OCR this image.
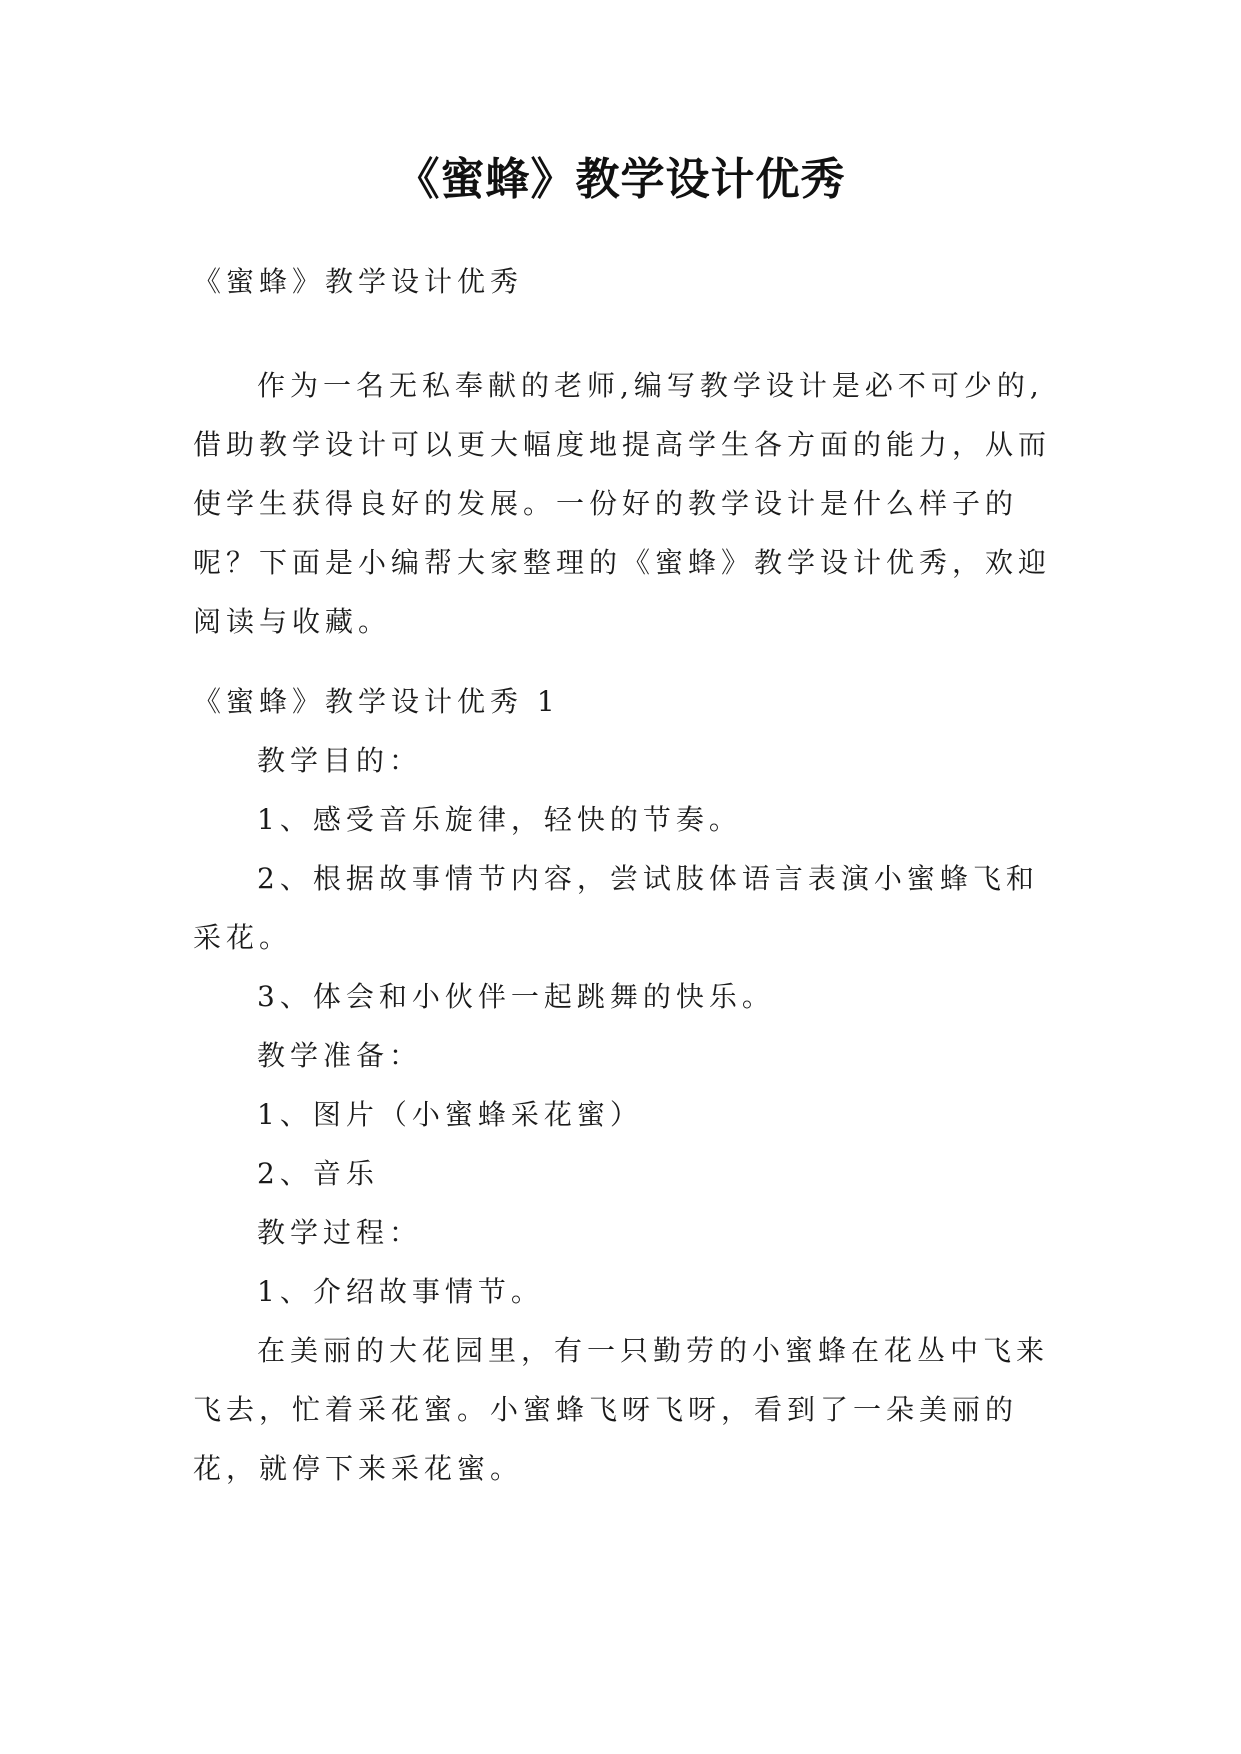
《蜜蜂》教学设计优秀

《蜜蜂》教学设计优秀

作为一名无私奉献的老师,编写教学设计是必不可少的,借助教学设计可以更大幅度地提高学生各方面的能力，从而使学生获得良好的发展。一份好的教学设计是什么样子的呢？下面是小编帮大家整理的《蜜蜂》教学设计优秀，欢迎阅读与收藏。

《蜜蜂》教学设计优秀 1

教学目的：

1、感受音乐旋律，轻快的节奏。

2、根据故事情节内容，尝试肢体语言表演小蜜蜂飞和采花。

3、体会和小伙伴一起跳舞的快乐。

教学准备：

1、图片（小蜜蜂采花蜜）

2、音乐

教学过程：

1、介绍故事情节。

在美丽的大花园里，有一只勤劳的小蜜蜂在花丛中飞来飞去，忙着采花蜜。小蜜蜂飞呀飞呀，看到了一朵美丽的花，就停下来采花蜜。
